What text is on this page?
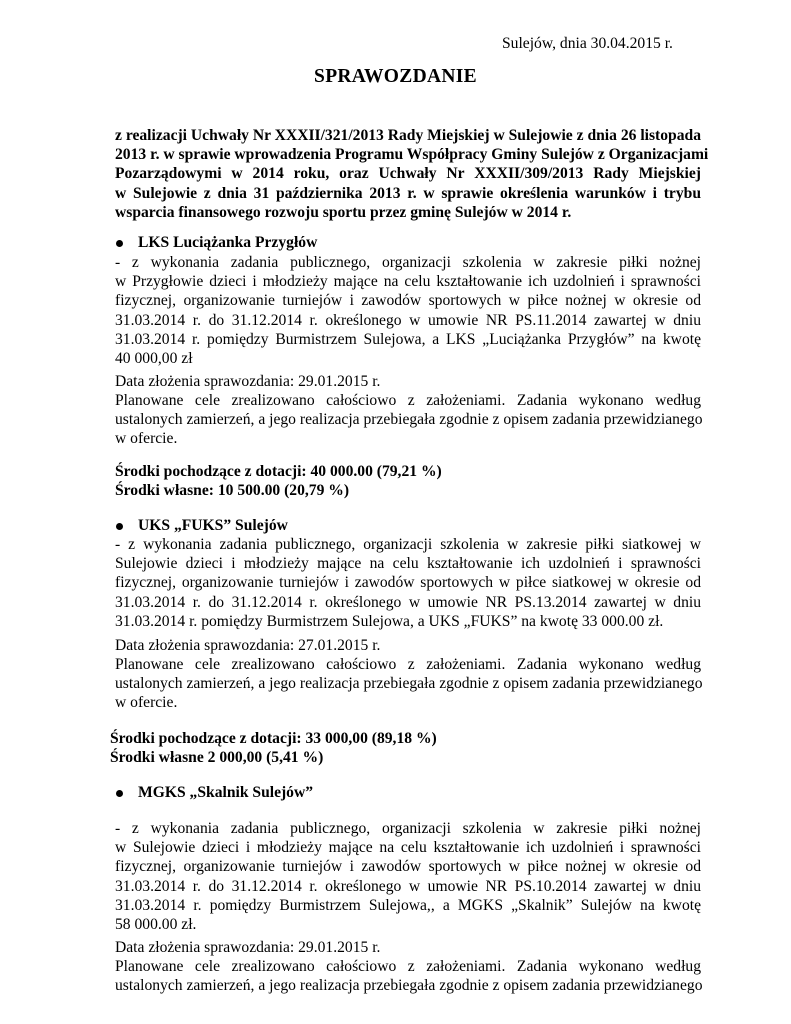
Sulejów, dnia 30.04.2015 r.
SPRAWOZDANIE
z realizacji Uchwały Nr XXXII/321/2013 Rady Miejskiej w Sulejowie z dnia 26 listopada
2013 r. w sprawie wprowadzenia Programu Współpracy Gminy Sulejów z Organizacjami
Pozarządowymi w 2014 roku, oraz Uchwały Nr XXXII/309/2013 Rady Miejskiej
w Sulejowie z dnia 31 października 2013 r. w sprawie określenia warunków i trybu
wsparcia finansowego rozwoju sportu przez gminę Sulejów w 2014 r.
LKS Luciążanka Przygłów
- z wykonania zadania publicznego, organizacji szkolenia w zakresie piłki nożnej
w Przygłowie dzieci i młodzieży mające na celu kształtowanie ich uzdolnień i sprawności
fizycznej, organizowanie turniejów i zawodów sportowych w piłce nożnej w okresie od
31.03.2014 r. do 31.12.2014 r. określonego w umowie NR PS.11.2014 zawartej w dniu
31.03.2014 r. pomiędzy Burmistrzem Sulejowa, a LKS „Luciążanka Przygłów” na kwotę
40 000,00 zł
Data złożenia sprawozdania: 29.01.2015 r.
Planowane cele zrealizowano całościowo z założeniami. Zadania wykonano według
ustalonych zamierzeń, a jego realizacja przebiegała zgodnie z opisem zadania przewidzianego
w ofercie.
Środki pochodzące z dotacji: 40 000.00 (79,21 %)
Środki własne: 10 500.00 (20,79 %)
UKS „FUKS” Sulejów
- z wykonania zadania publicznego, organizacji szkolenia w zakresie piłki siatkowej w
Sulejowie dzieci i młodzieży mające na celu kształtowanie ich uzdolnień i sprawności
fizycznej, organizowanie turniejów i zawodów sportowych w piłce siatkowej w okresie od
31.03.2014 r. do 31.12.2014 r. określonego w umowie NR PS.13.2014 zawartej w dniu
31.03.2014 r. pomiędzy Burmistrzem Sulejowa, a UKS „FUKS” na kwotę 33 000.00 zł.
Data złożenia sprawozdania: 27.01.2015 r.
Planowane cele zrealizowano całościowo z założeniami. Zadania wykonano według
ustalonych zamierzeń, a jego realizacja przebiegała zgodnie z opisem zadania przewidzianego
w ofercie.
Środki pochodzące z dotacji: 33 000,00 (89,18 %)
Środki własne 2 000,00 (5,41 %)
MGKS „Skalnik Sulejów”
- z wykonania zadania publicznego, organizacji szkolenia w zakresie piłki nożnej
w Sulejowie dzieci i młodzieży mające na celu kształtowanie ich uzdolnień i sprawności
fizycznej, organizowanie turniejów i zawodów sportowych w piłce nożnej w okresie od
31.03.2014 r. do 31.12.2014 r. określonego w umowie NR PS.10.2014 zawartej w dniu
31.03.2014 r. pomiędzy Burmistrzem Sulejowa,, a MGKS „Skalnik” Sulejów na kwotę
58 000.00 zł.
Data złożenia sprawozdania: 29.01.2015 r.
Planowane cele zrealizowano całościowo z założeniami. Zadania wykonano według
ustalonych zamierzeń, a jego realizacja przebiegała zgodnie z opisem zadania przewidzianego
